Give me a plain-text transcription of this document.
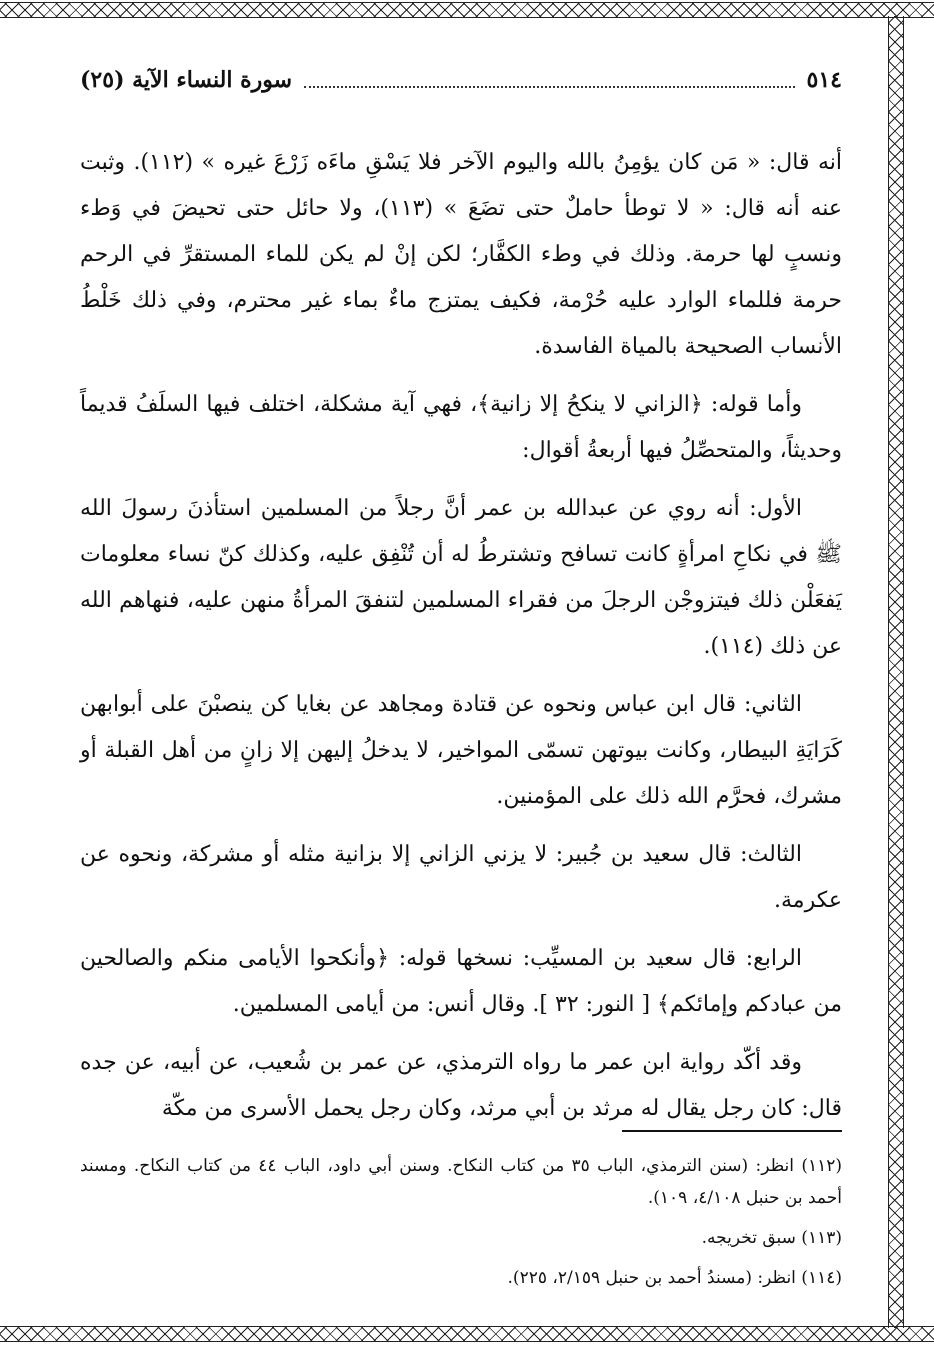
٥١٤
سورة النساء الآية (٢٥)

أنه قال: « مَن كان يؤمِنُ بالله واليوم الآخر فلا يَسْقِ ماءَه زَرْعَ غيره » (١١٢). وثبت عنه أنه قال: « لا توطأ حاملٌ حتى تضَعَ » (١١٣)، ولا حائل حتى تحيضَ في وَطء ونسبٍ لها حرمة. وذلك في وطء الكفَّار؛ لكن إنْ لم يكن للماء المستقرِّ في الرحم حرمة فللماء الوارد عليه حُرْمة، فكيف يمتزج ماءٌ بماء غير محترم، وفي ذلك خَلْطُ الأنساب الصحيحة بالمياة الفاسدة.

وأما قوله: ﴿الزاني لا ينكحُ إلا زانية﴾، فهي آية مشكلة، اختلف فيها السلَفُ قديماً وحديثاً، والمتحصِّلُ فيها أربعةُ أقوال:

الأول: أنه روي عن عبدالله بن عمر أنَّ رجلاً من المسلمين استأذنَ رسولَ الله ﷺ في نكاحِ امرأةٍ كانت تسافح وتشترطُ له أن تُنْفِق عليه، وكذلك كنّ نساء معلومات يَفعَلْن ذلك فيتزوجْن الرجلَ من فقراء المسلمين لتنفقَ المرأةُ منهن عليه، فنهاهم الله عن ذلك (١١٤).

الثاني: قال ابن عباس ونحوه عن قتادة ومجاهد عن بغايا كن ينصبْنَ على أبوابهن كَرَايَةِ البيطار، وكانت بيوتهن تسمّى المواخير، لا يدخلُ إليهن إلا زانٍ من أهل القبلة أو مشرك، فحرَّم الله ذلك على المؤمنين.

الثالث: قال سعيد بن جُبير: لا يزني الزاني إلا بزانية مثله أو مشركة، ونحوه عن عكرمة.

الرابع: قال سعيد بن المسيِّب: نسخها قوله: ﴿وأنكحوا الأيامى منكم والصالحين من عبادكم وإمائكم﴾ [ النور: ٣٢ ]. وقال أنس: من أيامى المسلمين.

وقد أكّد رواية ابن عمر ما رواه الترمذي، عن عمر بن شُعيب، عن أبيه، عن جده قال: كان رجل يقال له مرثد بن أبي مرثد، وكان رجل يحمل الأسرى من مكّة

(١١٢) انظر: (سنن الترمذي، الباب ٣٥ من كتاب النكاح. وسنن أبي داود، الباب ٤٤ من كتاب النكاح. ومسند أحمد بن حنبل ٤/١٠٨، ١٠٩).

(١١٣) سبق تخريجه.

(١١٤) انظر: (مسندُ أحمد بن حنبل ٢/١٥٩، ٢٢٥).
